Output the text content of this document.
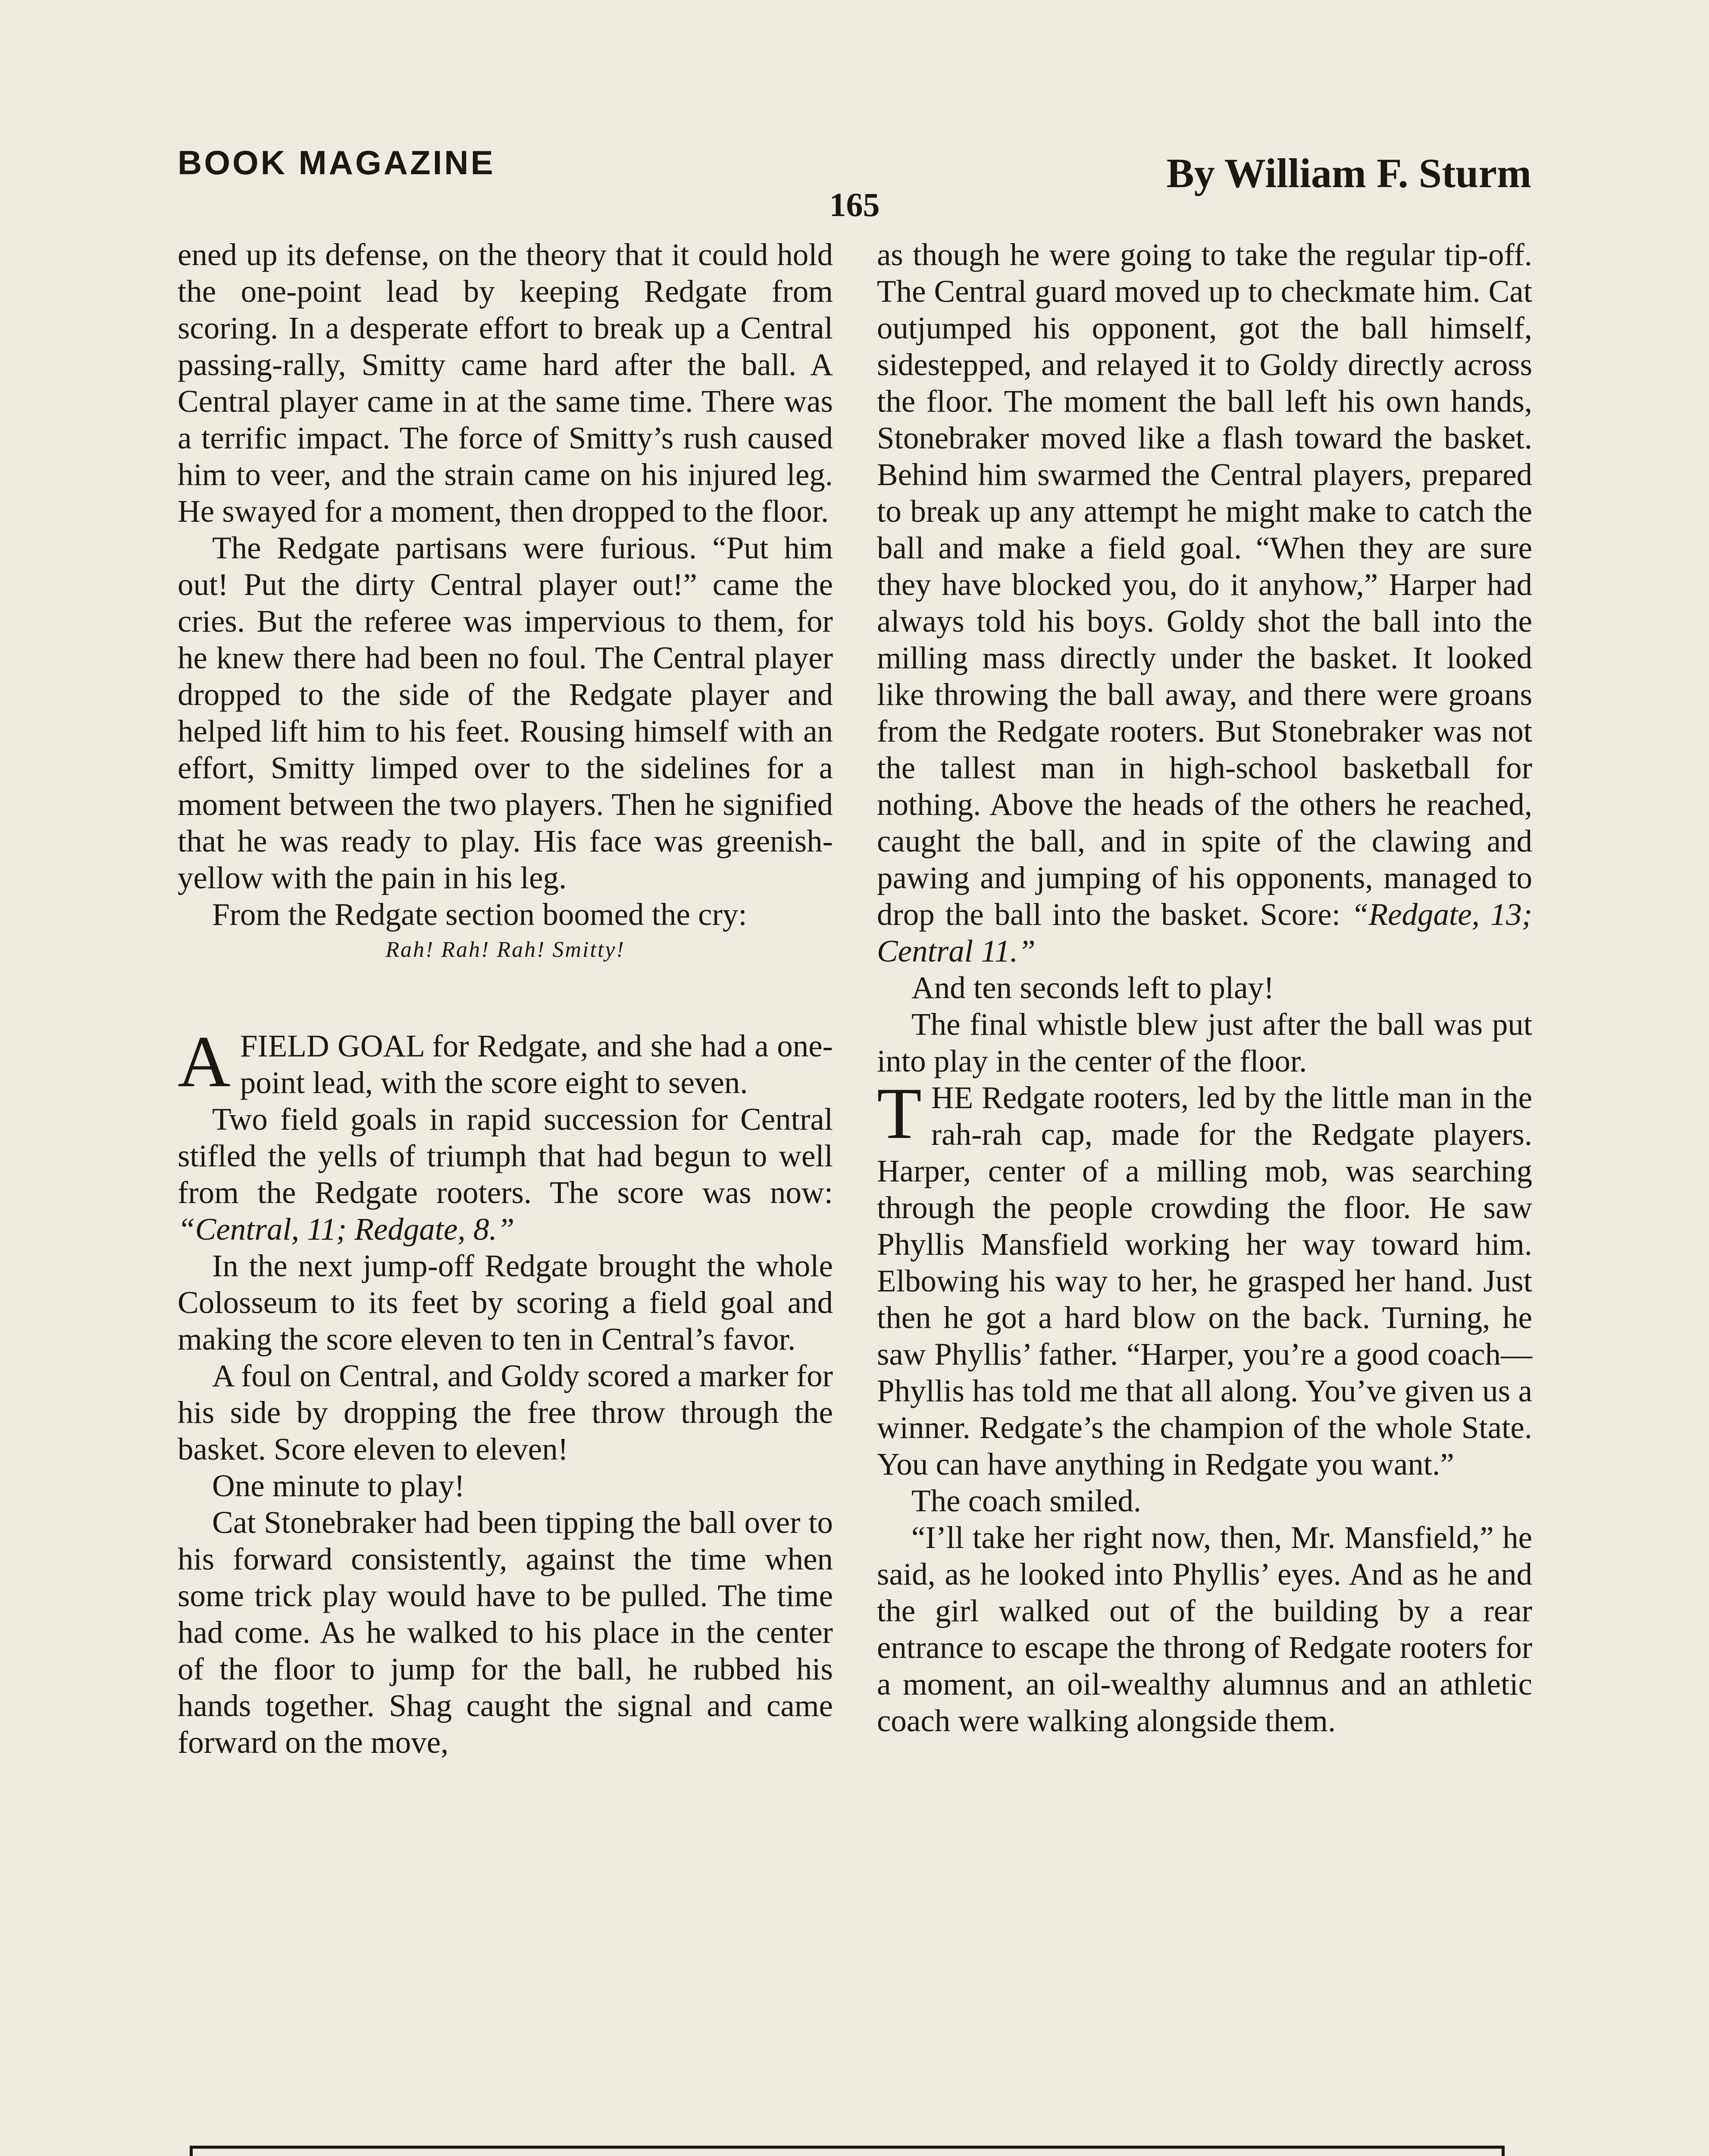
BOOK MAGAZINE	By William F. Sturm
165

ened up its defense, on the theory that it could hold the one-point lead by keeping Redgate from scoring. In a desperate effort to break up a Central passing-rally, Smitty came hard after the ball. A Central player came in at the same time. There was a terrific impact. The force of Smitty’s rush caused him to veer, and the strain came on his injured leg. He swayed for a moment, then dropped to the floor.

The Redgate partisans were furious. “Put him out! Put the dirty Central player out!” came the cries. But the referee was impervious to them, for he knew there had been no foul. The Central player dropped to the side of the Redgate player and helped lift him to his feet. Rousing himself with an effort, Smitty limped over to the sidelines for a moment between the two players. Then he signified that he was ready to play. His face was greenish-yellow with the pain in his leg.

From the Redgate section boomed the cry:

Rah! Rah! Rah! Smitty!

AFIELD GOAL for Redgate, and she had a one-point lead, with the score eight to seven.

Two field goals in rapid succession for Central stifled the yells of triumph that had begun to well from the Redgate rooters. The score was now: “Central, 11; Redgate, 8.”

In the next jump-off Redgate brought the whole Colosseum to its feet by scoring a field goal and making the score eleven to ten in Central’s favor.

A foul on Central, and Goldy scored a marker for his side by dropping the free throw through the basket. Score eleven to eleven!

One minute to play!

Cat Stonebraker had been tipping the ball over to his forward consistently, against the time when some trick play would have to be pulled. The time had come. As he walked to his place in the center of the floor to jump for the ball, he rubbed his hands together. Shag caught the signal and came forward on the move,

as though he were going to take the regular tip-off. The Central guard moved up to checkmate him. Cat outjumped his opponent, got the ball himself, sidestepped, and relayed it to Goldy directly across the floor. The moment the ball left his own hands, Stonebraker moved like a flash toward the basket. Behind him swarmed the Central players, prepared to break up any attempt he might make to catch the ball and make a field goal. “When they are sure they have blocked you, do it anyhow,” Harper had always told his boys. Goldy shot the ball into the milling mass directly under the basket. It looked like throwing the ball away, and there were groans from the Redgate rooters. But Stonebraker was not the tallest man in high-school basketball for nothing. Above the heads of the others he reached, caught the ball, and in spite of the clawing and pawing and jumping of his opponents, managed to drop the ball into the basket. Score: “Redgate, 13; Central 11.”

And ten seconds left to play!

The final whistle blew just after the ball was put into play in the center of the floor.

THE Redgate rooters, led by the little man in the rah-rah cap, made for the Redgate players. Harper, center of a milling mob, was searching through the people crowding the floor. He saw Phyllis Mansfield working her way toward him. Elbowing his way to her, he grasped her hand. Just then he got a hard blow on the back. Turning, he saw Phyllis’ father. “Harper, you’re a good coach—Phyllis has told me that all along. You’ve given us a winner. Redgate’s the champion of the whole State. You can have anything in Redgate you want.”

The coach smiled.

“I’ll take her right now, then, Mr. Mansfield,” he said, as he looked into Phyllis’ eyes. And as he and the girl walked out of the building by a rear entrance to escape the throng of Redgate rooters for a moment, an oil-wealthy alumnus and an athletic coach were walking alongside them.
